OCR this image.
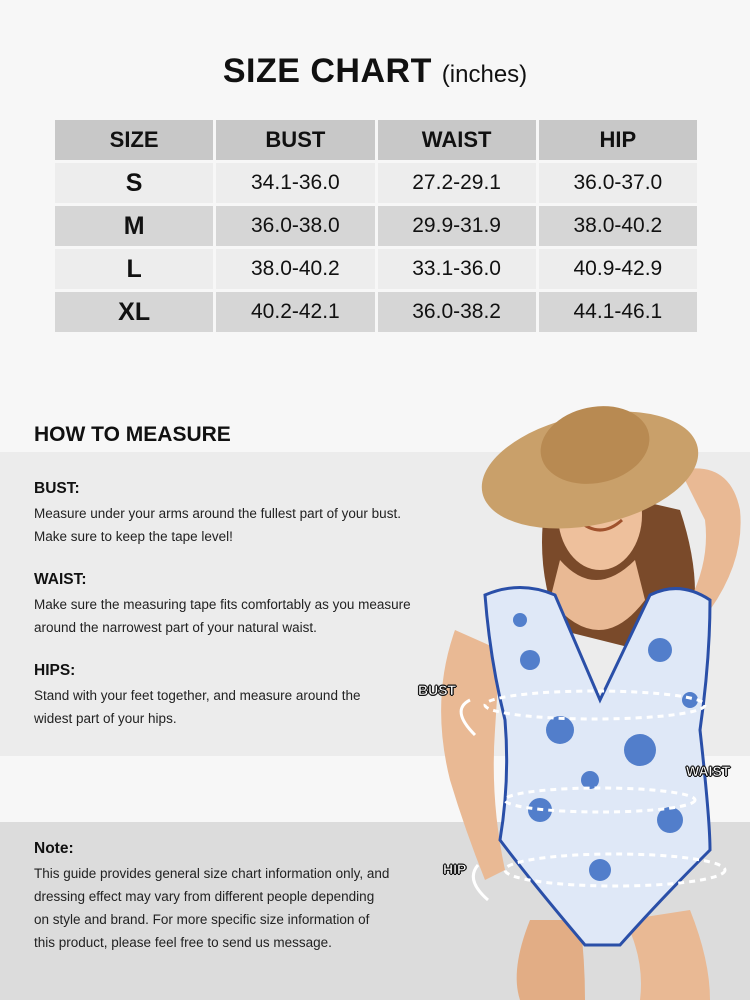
SIZE CHART (inches)
SIZE	BUST	WAIST	HIP
S	34.1-36.0	27.2-29.1	36.0-37.0
M	36.0-38.0	29.9-31.9	38.0-40.2
L	38.0-40.2	33.1-36.0	40.9-42.9
XL	40.2-42.1	36.0-38.2	44.1-46.1
HOW TO MEASURE
BUST:

Measure under your arms around the fullest part of your bust.

Make sure to keep the tape level!

WAIST:

Make sure the measuring tape fits comfortably as you measure

around the narrowest part of your natural waist.

HIPS:

Stand with your feet together, and measure around the

widest part of your hips.

Note:

This guide provides general size chart information only, and

dressing effect may vary from different people depending

on style and brand. For more specific size information of

this product, please feel free to send us message.

BUST
WAIST
HIP
